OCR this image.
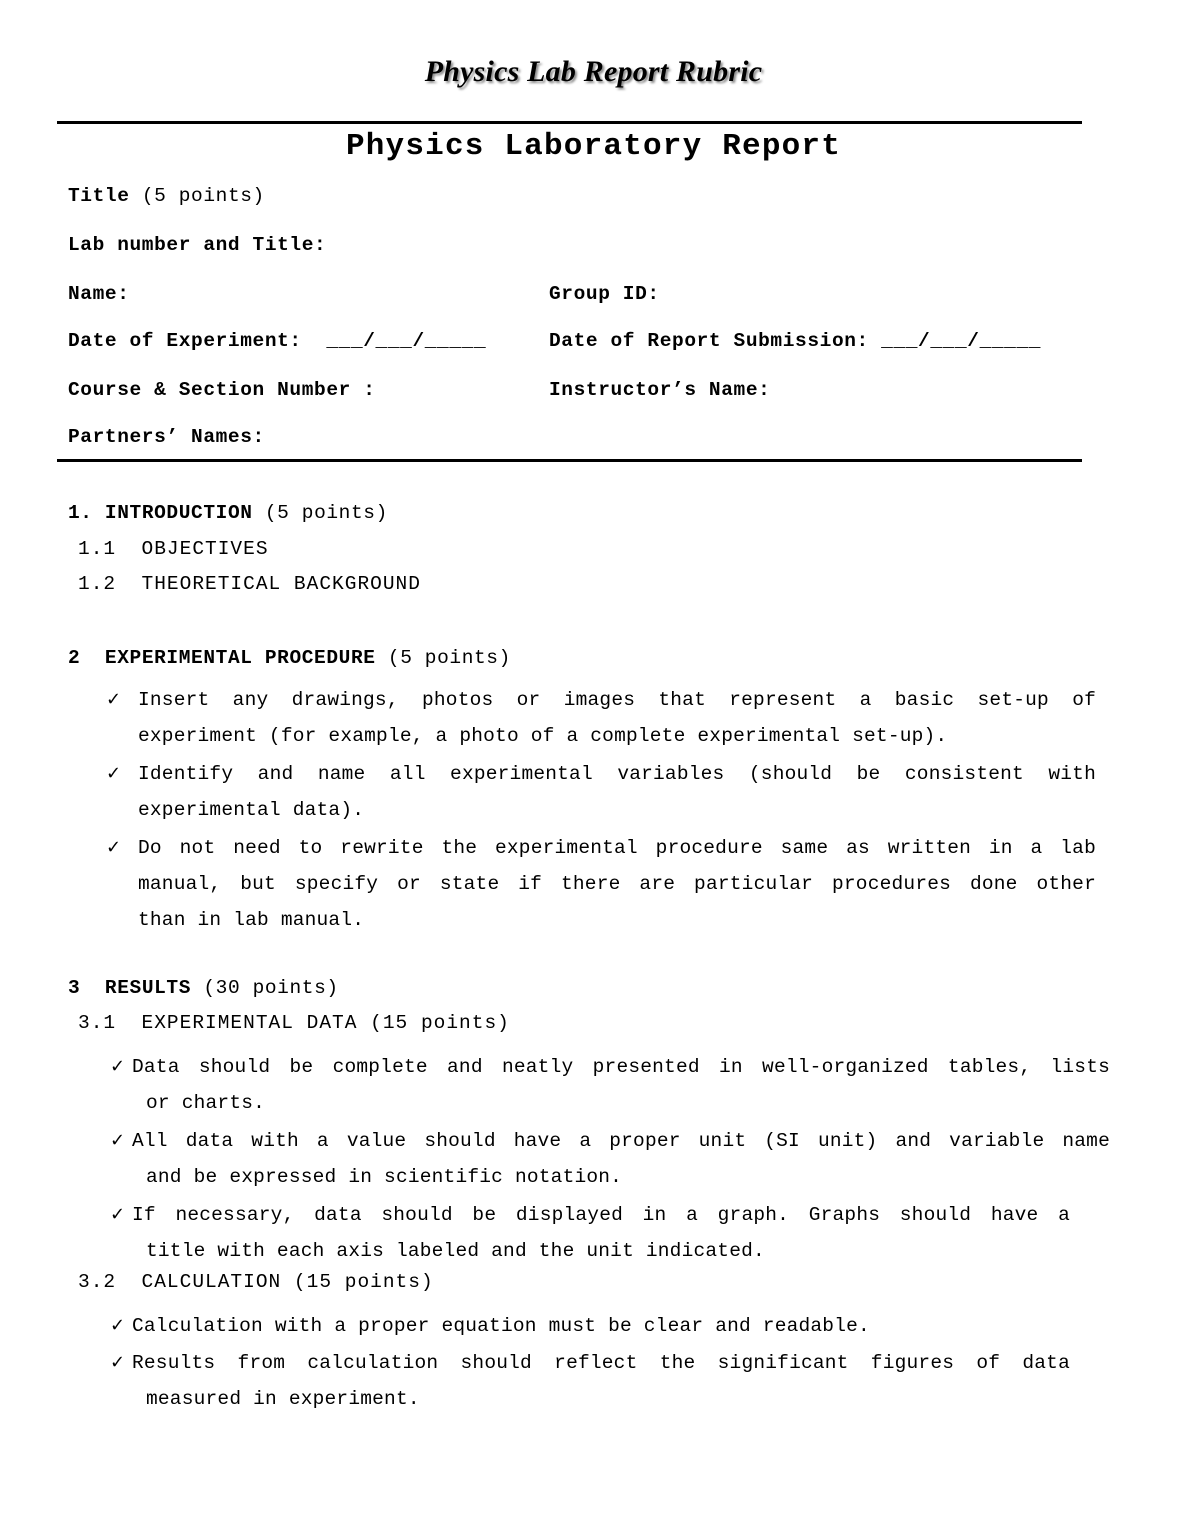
Physics Lab Report Rubric
Physics Laboratory Report
Title (5 points)
Lab number and Title:
Name:	Group ID:
Date of Experiment:  ___/___/_____	Date of Report Submission: ___/___/_____
Course & Section Number :	Instructor’s Name:
Partners’ Names:
1. INTRODUCTION (5 points)
1.1  OBJECTIVES
1.2  THEORETICAL BACKGROUND
2 EXPERIMENTAL PROCEDURE (5 points)
✓ Insert any drawings, photos or images that represent a basic set-up of
experiment (for example, a photo of a complete experimental set-up).
✓ Identify and name all experimental variables (should be consistent with
experimental data).
✓ Do not need to rewrite the experimental procedure same as written in a lab
manual, but specify or state if there are particular procedures done other
than in lab manual.
3 RESULTS (30 points)
3.1  EXPERIMENTAL DATA (15 points)
✓ Data should be complete and neatly presented in well-organized tables, lists
or charts.
✓ All data with a value should have a proper unit (SI unit) and variable name
and be expressed in scientific notation.
✓ If necessary, data should be displayed in a graph. Graphs should have a
title with each axis labeled and the unit indicated.
3.2  CALCULATION (15 points)
✓ Calculation with a proper equation must be clear and readable.
✓ Results from calculation should reflect the significant figures of data
measured in experiment.
